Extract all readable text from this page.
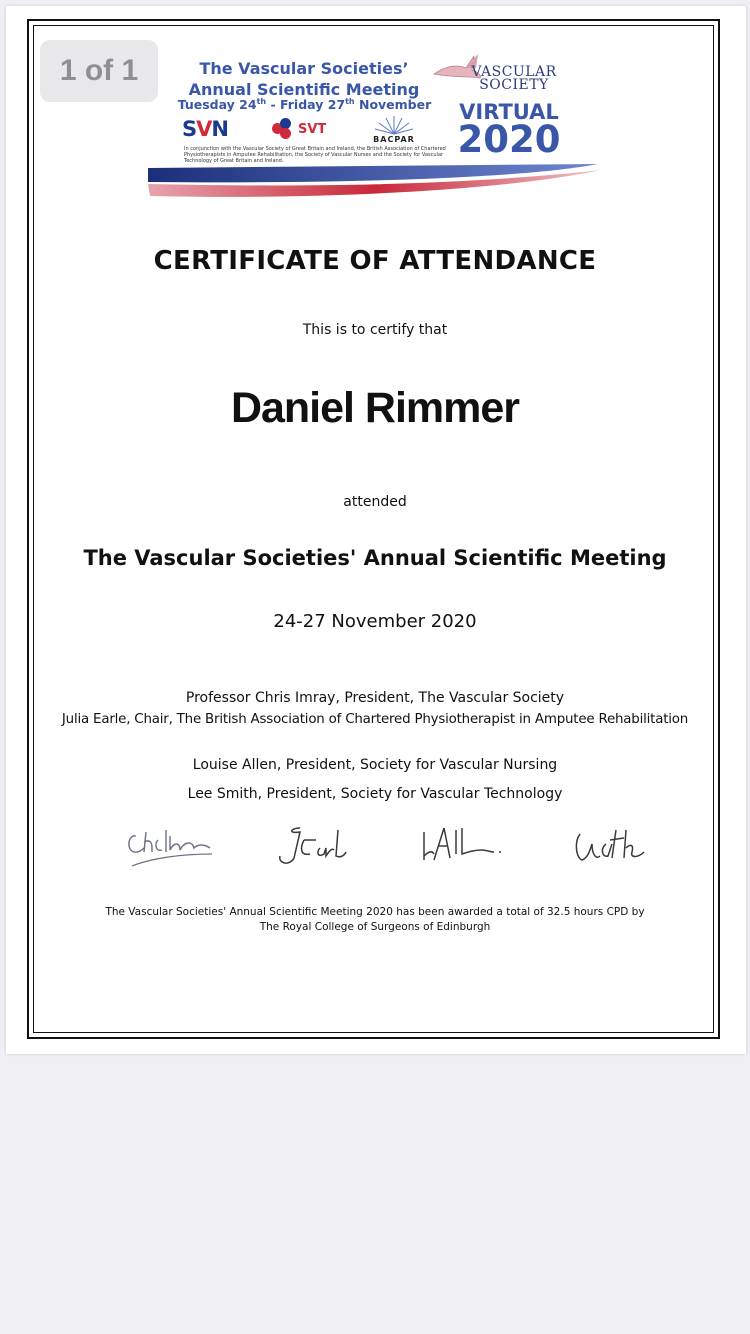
The Vascular Societies’
Annual Scientific Meeting
Tuesday 24th - Friday 27th November
SVN	SVT
BACPAR
In conjunction with the Vascular Society of Great Britain and Ireland, the British Association of Chartered Physiotherapists in Amputee Rehabilitation, the Society of Vascular Nurses and the Society for Vascular Technology of Great Britain and Ireland.
VASCULAR
SOCIETY
VIRTUAL
2020
1 of 1
CERTIFICATE OF ATTENDANCE
This is to certify that
Daniel Rimmer
attended
The Vascular Societies' Annual Scientific Meeting
24-27 November 2020
Professor Chris Imray, President, The Vascular Society
Julia Earle, Chair, The British Association of Chartered Physiotherapist in Amputee Rehabilitation
Louise Allen, President, Society for Vascular Nursing
Lee Smith, President, Society for Vascular Technology
The Vascular Societies' Annual Scientific Meeting 2020 has been awarded a total of 32.5 hours CPD by
The Royal College of Surgeons of Edinburgh
